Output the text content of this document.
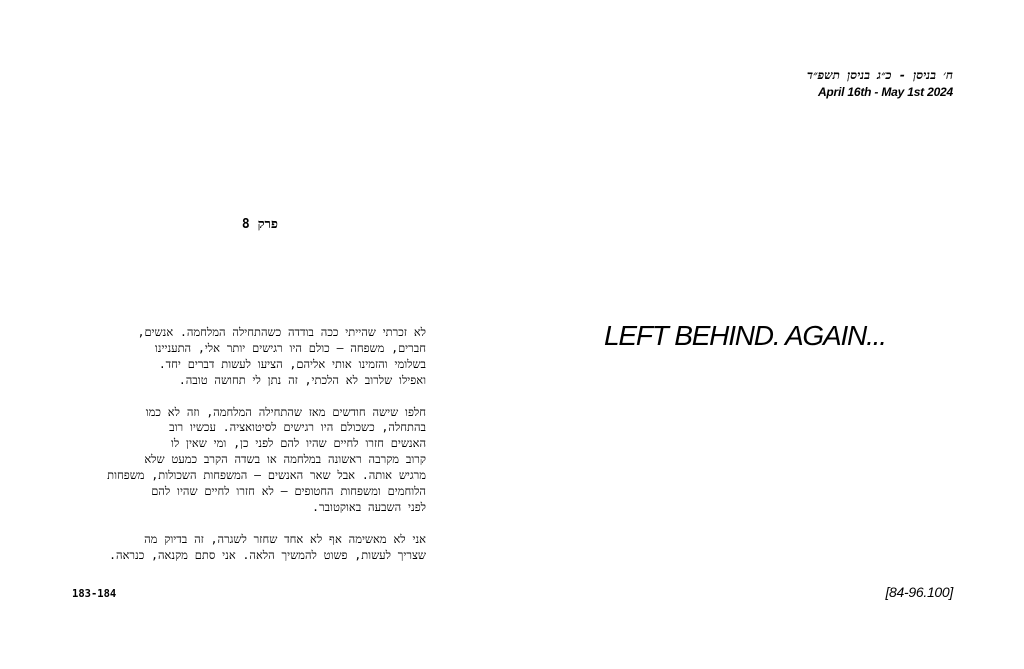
פרק 8

לא זכרתי שהייתי ככה בודדה כשהתחילה המלחמה. אנשים,
חברים, משפחה – כולם היו רגישים יותר אלי, התעניינו
בשלומי והזמינו אותי אליהם, הציעו לעשות דברים יחד.
ואפילו שלרוב לא הלכתי, זה נתן לי תחושה טובה.

חלפו שישה חודשים מאז שהתחילה המלחמה, וזה לא כמו
בהתחלה, כשכולם היו רגישים לסיטואציה. עכשיו רוב
האנשים חזרו לחיים שהיו להם לפני כן, ומי שאין לו
קרוב מקרבה ראשונה במלחמה או בשדה הקרב כמעט שלא
מרגיש אותה. אבל שאר האנשים – המשפחות השכולות, משפחות
הלוחמים ומשפחות החטופים – לא חזרו לחיים שהיו להם
לפני השבעה באוקטובר.

אני לא מאשימה אף לא אחד שחזר לשגרה, זה בדיוק מה
שצריך לעשות, פשוט להמשיך הלאה. אני סתם מקנאה, כנראה.

183-184
ח׳ בניסן - כ״ג בניסן תשפ״ד
April 16th - May 1st 2024
LEFT BEHIND. AGAIN...
[84-96.100]
